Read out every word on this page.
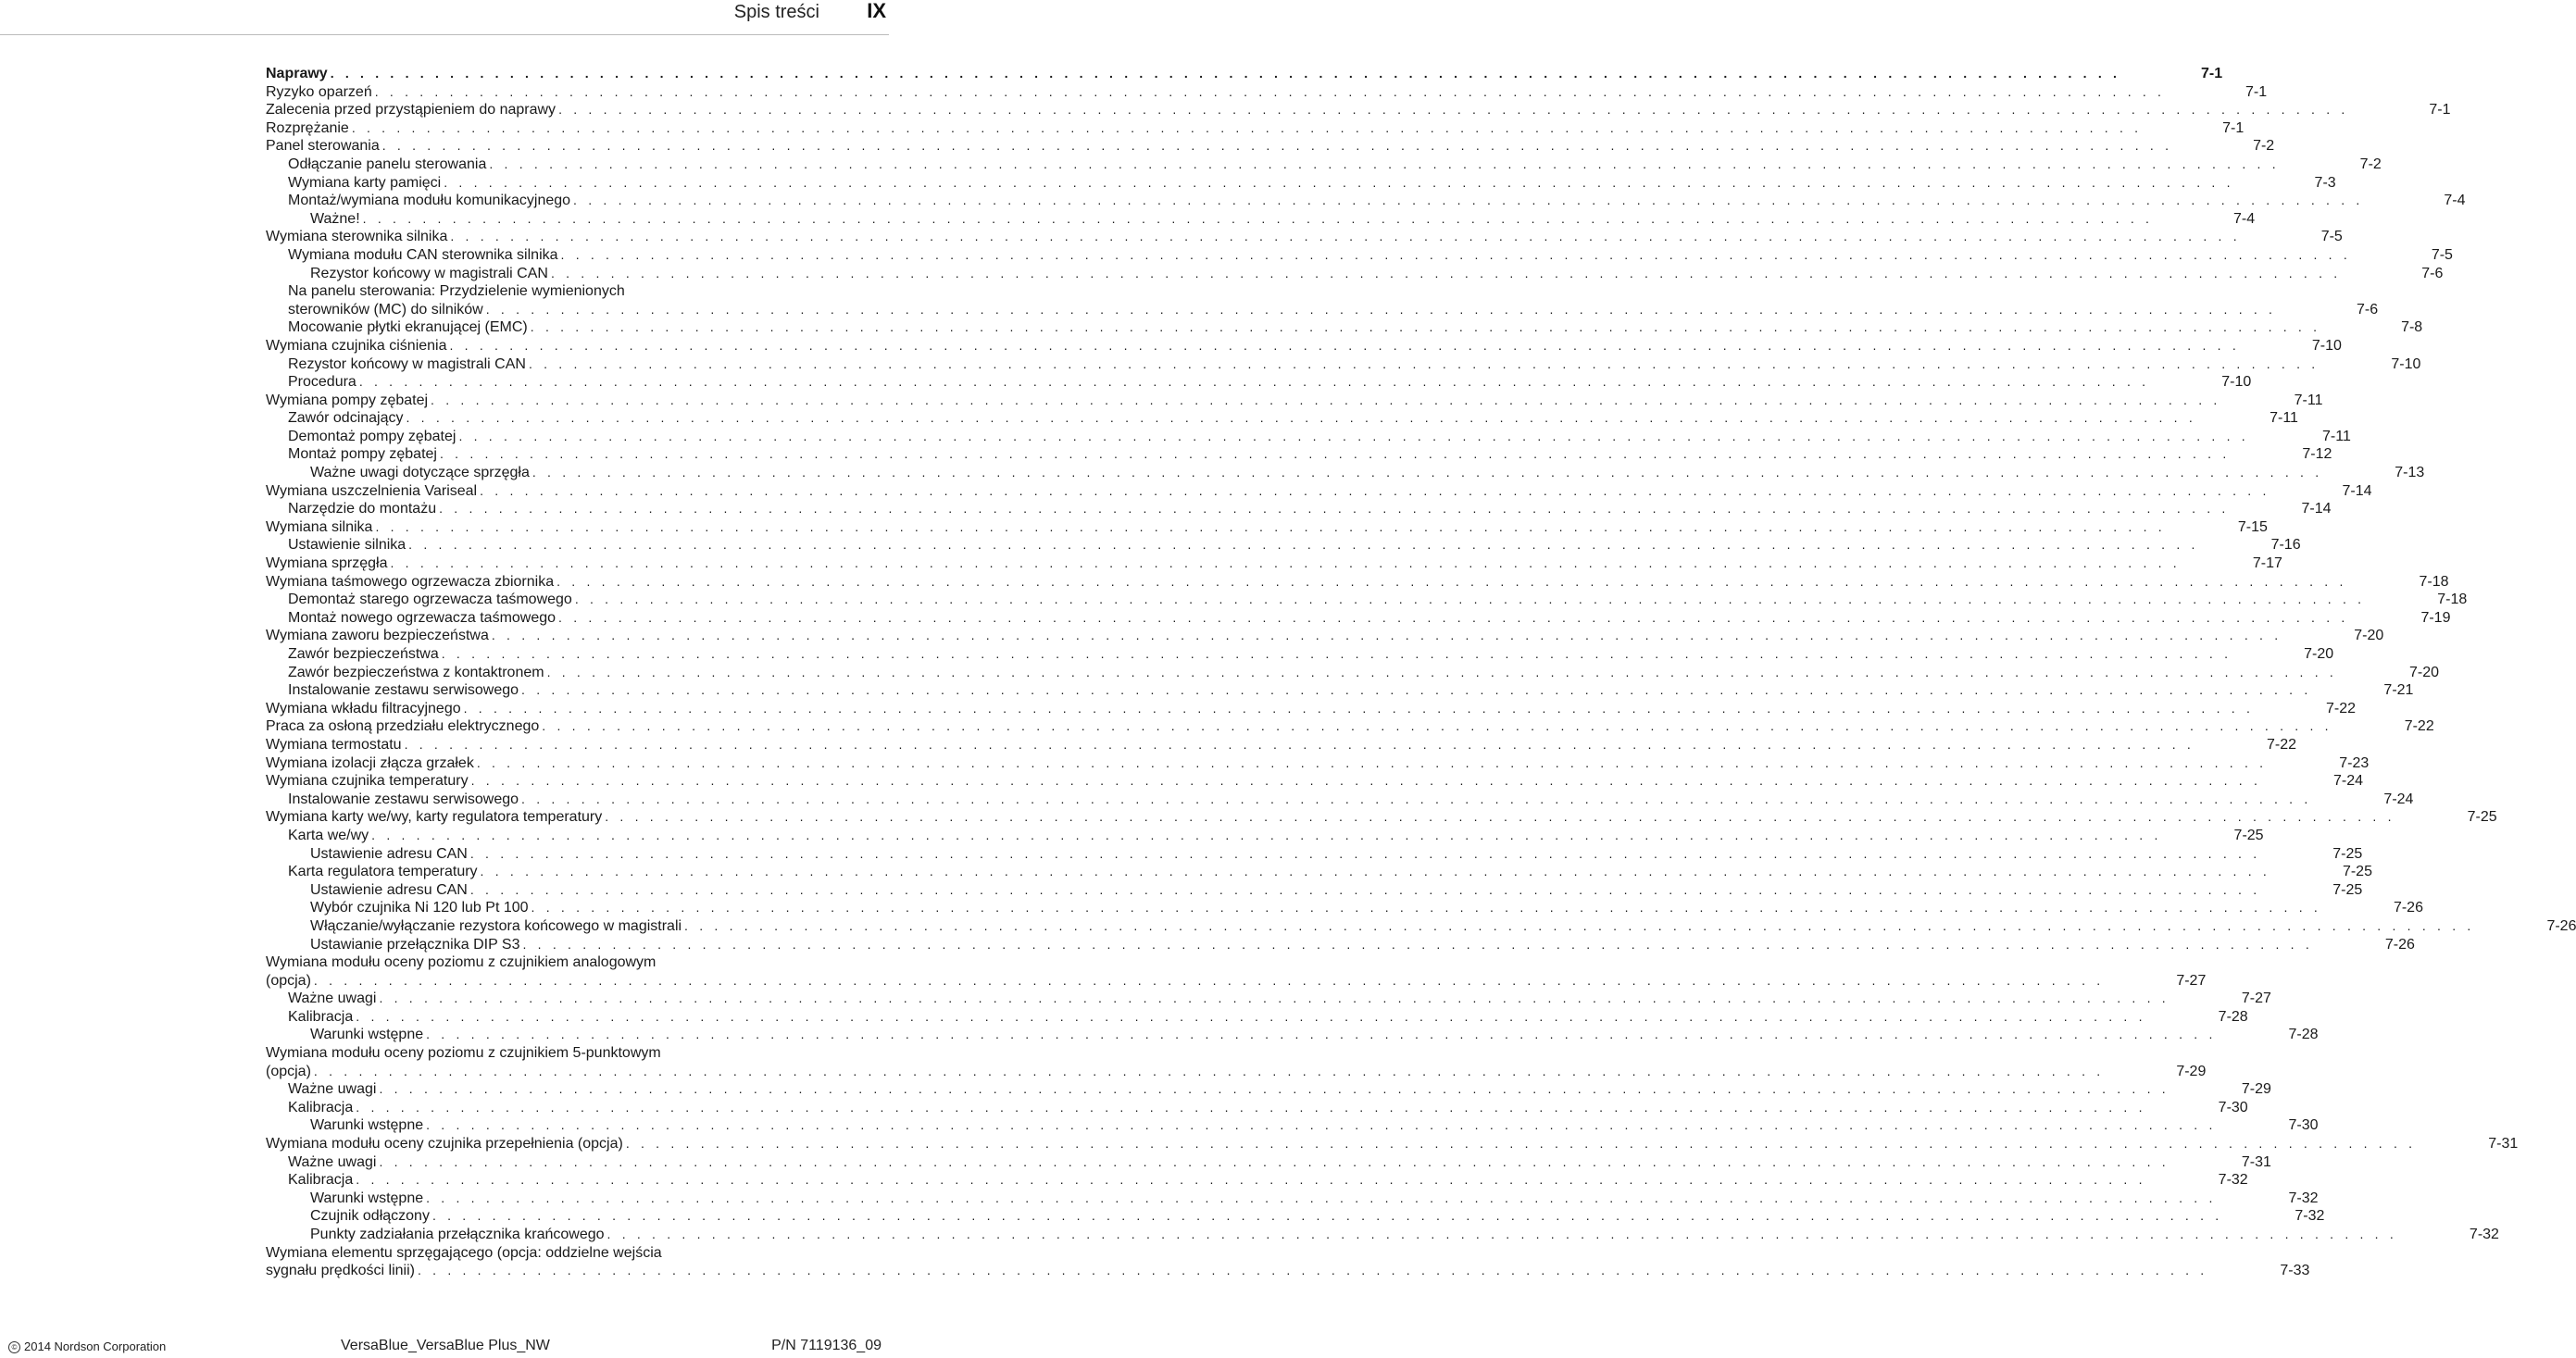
Spis treści IX
Naprawy . . . . . . . . . . . . . . . . . . . . . . . . . . . . . . . . . . . . . . . . . . . . . . . . . . . . . . . . . . . . . . . . . . . . . . . . . . . . . . . . . . . . . . . . . . . . . . . . . . . . . . . . . . . . . . . . . . . . . . . .	7-1
Ryzyko oparzeń . . . . . . . . . . . . . . . . . . . . . . . . . . . . . . . . . . . . . . . . . . . . . . . . . . . . . . . . . . . . . . . . . . . . . . . . . . . . . . . . . . . . . . . . . . . . . . . . . . . . . . . . . . . . . . . . . . . . . . . .	7-1
Zalecenia przed przystąpieniem do naprawy . . . . . . . . . . . . . . . . . . . . . . . . . . . . . . . . . . . . . . . . . . . . . . . . . . . . . . . . . . . . . . . . . . . . . . . . . . . . . . . . . . . . . . . . . . . . . . . . . . . . . . . . . . . . . . . . . . . . . . . .	7-1
Rozprężanie . . . . . . . . . . . . . . . . . . . . . . . . . . . . . . . . . . . . . . . . . . . . . . . . . . . . . . . . . . . . . . . . . . . . . . . . . . . . . . . . . . . . . . . . . . . . . . . . . . . . . . . . . . . . . . . . . . . . . . . .	7-1
Panel sterowania . . . . . . . . . . . . . . . . . . . . . . . . . . . . . . . . . . . . . . . . . . . . . . . . . . . . . . . . . . . . . . . . . . . . . . . . . . . . . . . . . . . . . . . . . . . . . . . . . . . . . . . . . . . . . . . . . . . . . . . .	7-2
Odłączanie panelu sterowania . . . . . . . . . . . . . . . . . . . . . . . . . . . . . . . . . . . . . . . . . . . . . . . . . . . . . . . . . . . . . . . . . . . . . . . . . . . . . . . . . . . . . . . . . . . . . . . . . . . . . . . . . . . . . . . . . . . . . . . .	7-2
Wymiana karty pamięci . . . . . . . . . . . . . . . . . . . . . . . . . . . . . . . . . . . . . . . . . . . . . . . . . . . . . . . . . . . . . . . . . . . . . . . . . . . . . . . . . . . . . . . . . . . . . . . . . . . . . . . . . . . . . . . . . . . . . . . .	7-3
Montaż/wymiana modułu komunikacyjnego . . . . . . . . . . . . . . . . . . . . . . . . . . . . . . . . . . . . . . . . . . . . . . . . . . . . . . . . . . . . . . . . . . . . . . . . . . . . . . . . . . . . . . . . . . . . . . . . . . . . . . . . . . . . . . . . . . . . . . . .	7-4
Ważne! . . . . . . . . . . . . . . . . . . . . . . . . . . . . . . . . . . . . . . . . . . . . . . . . . . . . . . . . . . . . . . . . . . . . . . . . . . . . . . . . . . . . . . . . . . . . . . . . . . . . . . . . . . . . . . . . . . . . . . . .	7-4
Wymiana sterownika silnika . . . . . . . . . . . . . . . . . . . . . . . . . . . . . . . . . . . . . . . . . . . . . . . . . . . . . . . . . . . . . . . . . . . . . . . . . . . . . . . . . . . . . . . . . . . . . . . . . . . . . . . . . . . . . . . . . . . . . . . .	7-5
Wymiana modułu CAN sterownika silnika . . . . . . . . . . . . . . . . . . . . . . . . . . . . . . . . . . . . . . . . . . . . . . . . . . . . . . . . . . . . . . . . . . . . . . . . . . . . . . . . . . . . . . . . . . . . . . . . . . . . . . . . . . . . . . . . . . . . . . . .	7-5
Rezystor końcowy w magistrali CAN . . . . . . . . . . . . . . . . . . . . . . . . . . . . . . . . . . . . . . . . . . . . . . . . . . . . . . . . . . . . . . . . . . . . . . . . . . . . . . . . . . . . . . . . . . . . . . . . . . . . . . . . . . . . . . . . . . . . . . . .	7-6
Na panelu sterowania: Przydzielenie wymienionych
sterowników (MC) do silników . . . . . . . . . . . . . . . . . . . . . . . . . . . . . . . . . . . . . . . . . . . . . . . . . . . . . . . . . . . . . . . . . . . . . . . . . . . . . . . . . . . . . . . . . . . . . . . . . . . . . . . . . . . . . . . . . . . . . . . .	7-6
Mocowanie płytki ekranującej (EMC) . . . . . . . . . . . . . . . . . . . . . . . . . . . . . . . . . . . . . . . . . . . . . . . . . . . . . . . . . . . . . . . . . . . . . . . . . . . . . . . . . . . . . . . . . . . . . . . . . . . . . . . . . . . . . . . . . . . . . . . .	7-8
Wymiana czujnika ciśnienia . . . . . . . . . . . . . . . . . . . . . . . . . . . . . . . . . . . . . . . . . . . . . . . . . . . . . . . . . . . . . . . . . . . . . . . . . . . . . . . . . . . . . . . . . . . . . . . . . . . . . . . . . . . . . . . . . . . . . . . .	7-10
Rezystor końcowy w magistrali CAN . . . . . . . . . . . . . . . . . . . . . . . . . . . . . . . . . . . . . . . . . . . . . . . . . . . . . . . . . . . . . . . . . . . . . . . . . . . . . . . . . . . . . . . . . . . . . . . . . . . . . . . . . . . . . . . . . . . . . . . .	7-10
Procedura . . . . . . . . . . . . . . . . . . . . . . . . . . . . . . . . . . . . . . . . . . . . . . . . . . . . . . . . . . . . . . . . . . . . . . . . . . . . . . . . . . . . . . . . . . . . . . . . . . . . . . . . . . . . . . . . . . . . . . . .	7-10
Wymiana pompy zębatej . . . . . . . . . . . . . . . . . . . . . . . . . . . . . . . . . . . . . . . . . . . . . . . . . . . . . . . . . . . . . . . . . . . . . . . . . . . . . . . . . . . . . . . . . . . . . . . . . . . . . . . . . . . . . . . . . . . . . . . .	7-11
Zawór odcinający . . . . . . . . . . . . . . . . . . . . . . . . . . . . . . . . . . . . . . . . . . . . . . . . . . . . . . . . . . . . . . . . . . . . . . . . . . . . . . . . . . . . . . . . . . . . . . . . . . . . . . . . . . . . . . . . . . . . . . . .	7-11
Demontaż pompy zębatej . . . . . . . . . . . . . . . . . . . . . . . . . . . . . . . . . . . . . . . . . . . . . . . . . . . . . . . . . . . . . . . . . . . . . . . . . . . . . . . . . . . . . . . . . . . . . . . . . . . . . . . . . . . . . . . . . . . . . . . .	7-11
Montaż pompy zębatej . . . . . . . . . . . . . . . . . . . . . . . . . . . . . . . . . . . . . . . . . . . . . . . . . . . . . . . . . . . . . . . . . . . . . . . . . . . . . . . . . . . . . . . . . . . . . . . . . . . . . . . . . . . . . . . . . . . . . . . .	7-12
Ważne uwagi dotyczące sprzęgła . . . . . . . . . . . . . . . . . . . . . . . . . . . . . . . . . . . . . . . . . . . . . . . . . . . . . . . . . . . . . . . . . . . . . . . . . . . . . . . . . . . . . . . . . . . . . . . . . . . . . . . . . . . . . . . . . . . . . . . .	7-13
Wymiana uszczelnienia Variseal . . . . . . . . . . . . . . . . . . . . . . . . . . . . . . . . . . . . . . . . . . . . . . . . . . . . . . . . . . . . . . . . . . . . . . . . . . . . . . . . . . . . . . . . . . . . . . . . . . . . . . . . . . . . . . . . . . . . . . . .	7-14
Narzędzie do montażu . . . . . . . . . . . . . . . . . . . . . . . . . . . . . . . . . . . . . . . . . . . . . . . . . . . . . . . . . . . . . . . . . . . . . . . . . . . . . . . . . . . . . . . . . . . . . . . . . . . . . . . . . . . . . . . . . . . . . . . .	7-14
Wymiana silnika . . . . . . . . . . . . . . . . . . . . . . . . . . . . . . . . . . . . . . . . . . . . . . . . . . . . . . . . . . . . . . . . . . . . . . . . . . . . . . . . . . . . . . . . . . . . . . . . . . . . . . . . . . . . . . . . . . . . . . . .	7-15
Ustawienie silnika . . . . . . . . . . . . . . . . . . . . . . . . . . . . . . . . . . . . . . . . . . . . . . . . . . . . . . . . . . . . . . . . . . . . . . . . . . . . . . . . . . . . . . . . . . . . . . . . . . . . . . . . . . . . . . . . . . . . . . . .	7-16
Wymiana sprzęgła . . . . . . . . . . . . . . . . . . . . . . . . . . . . . . . . . . . . . . . . . . . . . . . . . . . . . . . . . . . . . . . . . . . . . . . . . . . . . . . . . . . . . . . . . . . . . . . . . . . . . . . . . . . . . . . . . . . . . . . .	7-17
Wymiana taśmowego ogrzewacza zbiornika . . . . . . . . . . . . . . . . . . . . . . . . . . . . . . . . . . . . . . . . . . . . . . . . . . . . . . . . . . . . . . . . . . . . . . . . . . . . . . . . . . . . . . . . . . . . . . . . . . . . . . . . . . . . . . . . . . . . . . . .	7-18
Demontaż starego ogrzewacza taśmowego . . . . . . . . . . . . . . . . . . . . . . . . . . . . . . . . . . . . . . . . . . . . . . . . . . . . . . . . . . . . . . . . . . . . . . . . . . . . . . . . . . . . . . . . . . . . . . . . . . . . . . . . . . . . . . . . . . . . . . . .	7-18
Montaż nowego ogrzewacza taśmowego . . . . . . . . . . . . . . . . . . . . . . . . . . . . . . . . . . . . . . . . . . . . . . . . . . . . . . . . . . . . . . . . . . . . . . . . . . . . . . . . . . . . . . . . . . . . . . . . . . . . . . . . . . . . . . . . . . . . . . . .	7-19
Wymiana zaworu bezpieczeństwa . . . . . . . . . . . . . . . . . . . . . . . . . . . . . . . . . . . . . . . . . . . . . . . . . . . . . . . . . . . . . . . . . . . . . . . . . . . . . . . . . . . . . . . . . . . . . . . . . . . . . . . . . . . . . . . . . . . . . . . .	7-20
Zawór bezpieczeństwa . . . . . . . . . . . . . . . . . . . . . . . . . . . . . . . . . . . . . . . . . . . . . . . . . . . . . . . . . . . . . . . . . . . . . . . . . . . . . . . . . . . . . . . . . . . . . . . . . . . . . . . . . . . . . . . . . . . . . . . .	7-20
Zawór bezpieczeństwa z kontaktronem . . . . . . . . . . . . . . . . . . . . . . . . . . . . . . . . . . . . . . . . . . . . . . . . . . . . . . . . . . . . . . . . . . . . . . . . . . . . . . . . . . . . . . . . . . . . . . . . . . . . . . . . . . . . . . . . . . . . . . . .	7-20
Instalowanie zestawu serwisowego . . . . . . . . . . . . . . . . . . . . . . . . . . . . . . . . . . . . . . . . . . . . . . . . . . . . . . . . . . . . . . . . . . . . . . . . . . . . . . . . . . . . . . . . . . . . . . . . . . . . . . . . . . . . . . . . . . . . . . . .	7-21
Wymiana wkładu filtracyjnego . . . . . . . . . . . . . . . . . . . . . . . . . . . . . . . . . . . . . . . . . . . . . . . . . . . . . . . . . . . . . . . . . . . . . . . . . . . . . . . . . . . . . . . . . . . . . . . . . . . . . . . . . . . . . . . . . . . . . . . .	7-22
Praca za osłoną przedziału elektrycznego . . . . . . . . . . . . . . . . . . . . . . . . . . . . . . . . . . . . . . . . . . . . . . . . . . . . . . . . . . . . . . . . . . . . . . . . . . . . . . . . . . . . . . . . . . . . . . . . . . . . . . . . . . . . . . . . . . . . . . . .	7-22
Wymiana termostatu . . . . . . . . . . . . . . . . . . . . . . . . . . . . . . . . . . . . . . . . . . . . . . . . . . . . . . . . . . . . . . . . . . . . . . . . . . . . . . . . . . . . . . . . . . . . . . . . . . . . . . . . . . . . . . . . . . . . . . . .	7-22
Wymiana izolacji złącza grzałek . . . . . . . . . . . . . . . . . . . . . . . . . . . . . . . . . . . . . . . . . . . . . . . . . . . . . . . . . . . . . . . . . . . . . . . . . . . . . . . . . . . . . . . . . . . . . . . . . . . . . . . . . . . . . . . . . . . . . . . .	7-23
Wymiana czujnika temperatury . . . . . . . . . . . . . . . . . . . . . . . . . . . . . . . . . . . . . . . . . . . . . . . . . . . . . . . . . . . . . . . . . . . . . . . . . . . . . . . . . . . . . . . . . . . . . . . . . . . . . . . . . . . . . . . . . . . . . . . .	7-24
Instalowanie zestawu serwisowego . . . . . . . . . . . . . . . . . . . . . . . . . . . . . . . . . . . . . . . . . . . . . . . . . . . . . . . . . . . . . . . . . . . . . . . . . . . . . . . . . . . . . . . . . . . . . . . . . . . . . . . . . . . . . . . . . . . . . . . .	7-24
Wymiana karty we/wy, karty regulatora temperatury . . . . . . . . . . . . . . . . . . . . . . . . . . . . . . . . . . . . . . . . . . . . . . . . . . . . . . . . . . . . . . . . . . . . . . . . . . . . . . . . . . . . . . . . . . . . . . . . . . . . . . . . . . . . . . . . . . . . . . . .	7-25
Karta we/wy . . . . . . . . . . . . . . . . . . . . . . . . . . . . . . . . . . . . . . . . . . . . . . . . . . . . . . . . . . . . . . . . . . . . . . . . . . . . . . . . . . . . . . . . . . . . . . . . . . . . . . . . . . . . . . . . . . . . . . . .	7-25
Ustawienie adresu CAN . . . . . . . . . . . . . . . . . . . . . . . . . . . . . . . . . . . . . . . . . . . . . . . . . . . . . . . . . . . . . . . . . . . . . . . . . . . . . . . . . . . . . . . . . . . . . . . . . . . . . . . . . . . . . . . . . . . . . . . .	7-25
Karta regulatora temperatury . . . . . . . . . . . . . . . . . . . . . . . . . . . . . . . . . . . . . . . . . . . . . . . . . . . . . . . . . . . . . . . . . . . . . . . . . . . . . . . . . . . . . . . . . . . . . . . . . . . . . . . . . . . . . . . . . . . . . . . .	7-25
Ustawienie adresu CAN . . . . . . . . . . . . . . . . . . . . . . . . . . . . . . . . . . . . . . . . . . . . . . . . . . . . . . . . . . . . . . . . . . . . . . . . . . . . . . . . . . . . . . . . . . . . . . . . . . . . . . . . . . . . . . . . . . . . . . . .	7-25
Wybór czujnika Ni 120 lub Pt 100 . . . . . . . . . . . . . . . . . . . . . . . . . . . . . . . . . . . . . . . . . . . . . . . . . . . . . . . . . . . . . . . . . . . . . . . . . . . . . . . . . . . . . . . . . . . . . . . . . . . . . . . . . . . . . . . . . . . . . . . .	7-26
Włączanie/wyłączanie rezystora końcowego w magistrali . . . . . . . . . . . . . . . . . . . . . . . . . . . . . . . . . . . . . . . . . . . . . . . . . . . . . . . . . . . . . . . . . . . . . . . . . . . . . . . . . . . . . . . . . . . . . . . . . . . . . . . . . . . . . . . . . . . . . . . .	7-26
Ustawianie przełącznika DIP S3 . . . . . . . . . . . . . . . . . . . . . . . . . . . . . . . . . . . . . . . . . . . . . . . . . . . . . . . . . . . . . . . . . . . . . . . . . . . . . . . . . . . . . . . . . . . . . . . . . . . . . . . . . . . . . . . . . . . . . . . .	7-26
Wymiana modułu oceny poziomu z czujnikiem analogowym
(opcja) . . . . . . . . . . . . . . . . . . . . . . . . . . . . . . . . . . . . . . . . . . . . . . . . . . . . . . . . . . . . . . . . . . . . . . . . . . . . . . . . . . . . . . . . . . . . . . . . . . . . . . . . . . . . . . . . . . . . . . . .	7-27
Ważne uwagi . . . . . . . . . . . . . . . . . . . . . . . . . . . . . . . . . . . . . . . . . . . . . . . . . . . . . . . . . . . . . . . . . . . . . . . . . . . . . . . . . . . . . . . . . . . . . . . . . . . . . . . . . . . . . . . . . . . . . . . .	7-27
Kalibracja . . . . . . . . . . . . . . . . . . . . . . . . . . . . . . . . . . . . . . . . . . . . . . . . . . . . . . . . . . . . . . . . . . . . . . . . . . . . . . . . . . . . . . . . . . . . . . . . . . . . . . . . . . . . . . . . . . . . . . . .	7-28
Warunki wstępne . . . . . . . . . . . . . . . . . . . . . . . . . . . . . . . . . . . . . . . . . . . . . . . . . . . . . . . . . . . . . . . . . . . . . . . . . . . . . . . . . . . . . . . . . . . . . . . . . . . . . . . . . . . . . . . . . . . . . . . .	7-28
Wymiana modułu oceny poziomu z czujnikiem 5-punktowym
(opcja) . . . . . . . . . . . . . . . . . . . . . . . . . . . . . . . . . . . . . . . . . . . . . . . . . . . . . . . . . . . . . . . . . . . . . . . . . . . . . . . . . . . . . . . . . . . . . . . . . . . . . . . . . . . . . . . . . . . . . . . .	7-29
Ważne uwagi . . . . . . . . . . . . . . . . . . . . . . . . . . . . . . . . . . . . . . . . . . . . . . . . . . . . . . . . . . . . . . . . . . . . . . . . . . . . . . . . . . . . . . . . . . . . . . . . . . . . . . . . . . . . . . . . . . . . . . . .	7-29
Kalibracja . . . . . . . . . . . . . . . . . . . . . . . . . . . . . . . . . . . . . . . . . . . . . . . . . . . . . . . . . . . . . . . . . . . . . . . . . . . . . . . . . . . . . . . . . . . . . . . . . . . . . . . . . . . . . . . . . . . . . . . .	7-30
Warunki wstępne . . . . . . . . . . . . . . . . . . . . . . . . . . . . . . . . . . . . . . . . . . . . . . . . . . . . . . . . . . . . . . . . . . . . . . . . . . . . . . . . . . . . . . . . . . . . . . . . . . . . . . . . . . . . . . . . . . . . . . . .	7-30
Wymiana modułu oceny czujnika przepełnienia (opcja) . . . . . . . . . . . . . . . . . . . . . . . . . . . . . . . . . . . . . . . . . . . . . . . . . . . . . . . . . . . . . . . . . . . . . . . . . . . . . . . . . . . . . . . . . . . . . . . . . . . . . . . . . . . . . . . . . . . . . . . .	7-31
Ważne uwagi . . . . . . . . . . . . . . . . . . . . . . . . . . . . . . . . . . . . . . . . . . . . . . . . . . . . . . . . . . . . . . . . . . . . . . . . . . . . . . . . . . . . . . . . . . . . . . . . . . . . . . . . . . . . . . . . . . . . . . . .	7-31
Kalibracja . . . . . . . . . . . . . . . . . . . . . . . . . . . . . . . . . . . . . . . . . . . . . . . . . . . . . . . . . . . . . . . . . . . . . . . . . . . . . . . . . . . . . . . . . . . . . . . . . . . . . . . . . . . . . . . . . . . . . . . .	7-32
Warunki wstępne . . . . . . . . . . . . . . . . . . . . . . . . . . . . . . . . . . . . . . . . . . . . . . . . . . . . . . . . . . . . . . . . . . . . . . . . . . . . . . . . . . . . . . . . . . . . . . . . . . . . . . . . . . . . . . . . . . . . . . . .	7-32
Czujnik odłączony . . . . . . . . . . . . . . . . . . . . . . . . . . . . . . . . . . . . . . . . . . . . . . . . . . . . . . . . . . . . . . . . . . . . . . . . . . . . . . . . . . . . . . . . . . . . . . . . . . . . . . . . . . . . . . . . . . . . . . . .	7-32
Punkty zadziałania przełącznika krańcowego . . . . . . . . . . . . . . . . . . . . . . . . . . . . . . . . . . . . . . . . . . . . . . . . . . . . . . . . . . . . . . . . . . . . . . . . . . . . . . . . . . . . . . . . . . . . . . . . . . . . . . . . . . . . . . . . . . . . . . . .	7-32
Wymiana elementu sprzęgającego (opcja: oddzielne wejścia
sygnału prędkości linii) . . . . . . . . . . . . . . . . . . . . . . . . . . . . . . . . . . . . . . . . . . . . . . . . . . . . . . . . . . . . . . . . . . . . . . . . . . . . . . . . . . . . . . . . . . . . . . . . . . . . . . . . . . . . . . . . . . . . . . . .	7-33
© 2014 Nordson Corporation	VersaBlue_VersaBlue Plus_NW	P/N 7119136_09
